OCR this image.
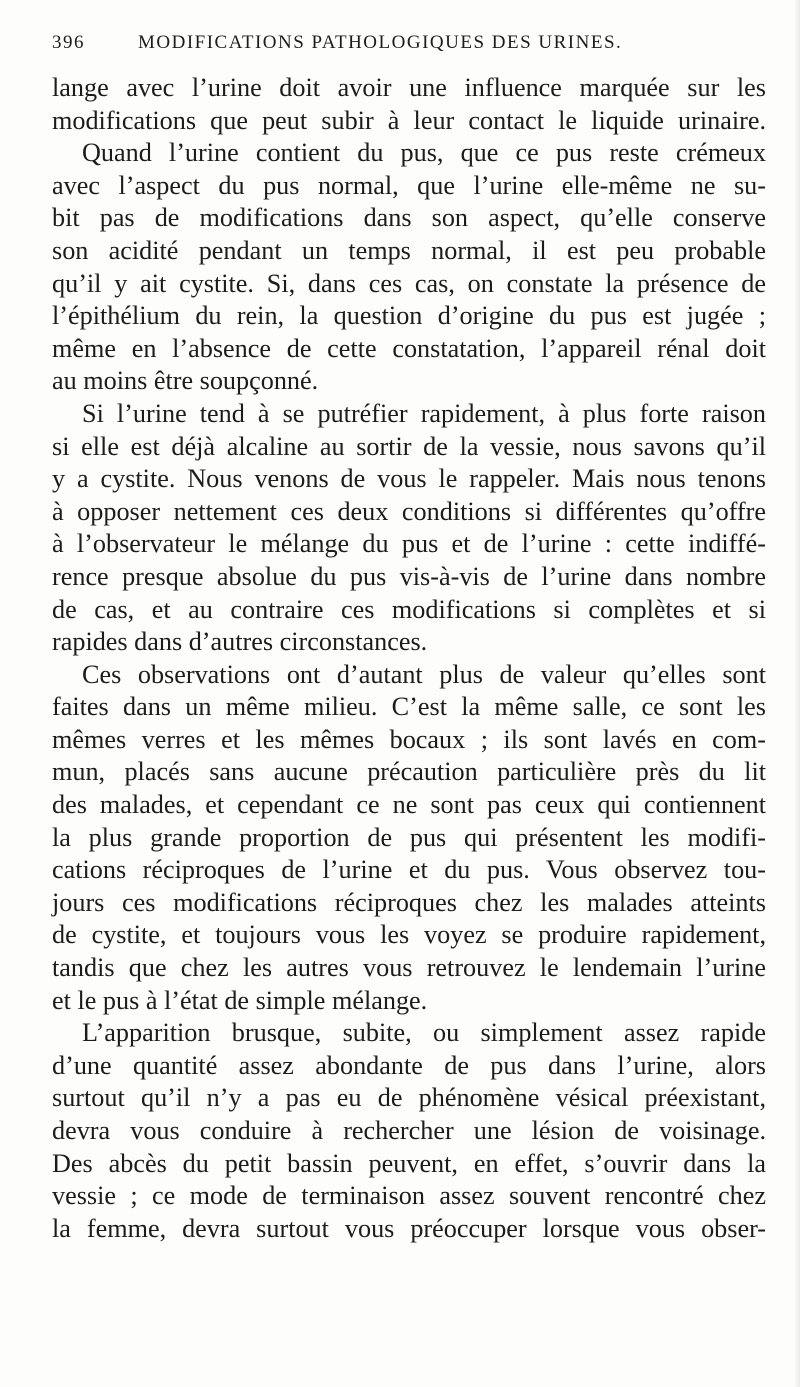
396	MODIFICATIONS PATHOLOGIQUES DES URINES.
lange avec l’urine doit avoir une influence marquée sur les
modifications que peut subir à leur contact le liquide urinaire.
Quand l’urine contient du pus, que ce pus reste crémeux
avec l’aspect du pus normal, que l’urine elle-même ne su-
bit pas de modifications dans son aspect, qu’elle conserve
son acidité pendant un temps normal, il est peu probable
qu’il y ait cystite. Si, dans ces cas, on constate la présence de
l’épithélium du rein, la question d’origine du pus est jugée ;
même en l’absence de cette constatation, l’appareil rénal doit
au moins être soupçonné.
Si l’urine tend à se putréfier rapidement, à plus forte raison
si elle est déjà alcaline au sortir de la vessie, nous savons qu’il
y a cystite. Nous venons de vous le rappeler. Mais nous tenons
à opposer nettement ces deux conditions si différentes qu’offre
à l’observateur le mélange du pus et de l’urine : cette indiffé-
rence presque absolue du pus vis-à-vis de l’urine dans nombre
de cas, et au contraire ces modifications si complètes et si
rapides dans d’autres circonstances.
Ces observations ont d’autant plus de valeur qu’elles sont
faites dans un même milieu. C’est la même salle, ce sont les
mêmes verres et les mêmes bocaux ; ils sont lavés en com-
mun, placés sans aucune précaution particulière près du lit
des malades, et cependant ce ne sont pas ceux qui contiennent
la plus grande proportion de pus qui présentent les modifi-
cations réciproques de l’urine et du pus. Vous observez tou-
jours ces modifications réciproques chez les malades atteints
de cystite, et toujours vous les voyez se produire rapidement,
tandis que chez les autres vous retrouvez le lendemain l’urine
et le pus à l’état de simple mélange.
L’apparition brusque, subite, ou simplement assez rapide
d’une quantité assez abondante de pus dans l’urine, alors
surtout qu’il n’y a pas eu de phénomène vésical préexistant,
devra vous conduire à rechercher une lésion de voisinage.
Des abcès du petit bassin peuvent, en effet, s’ouvrir dans la
vessie ; ce mode de terminaison assez souvent rencontré chez
la femme, devra surtout vous préoccuper lorsque vous obser-
